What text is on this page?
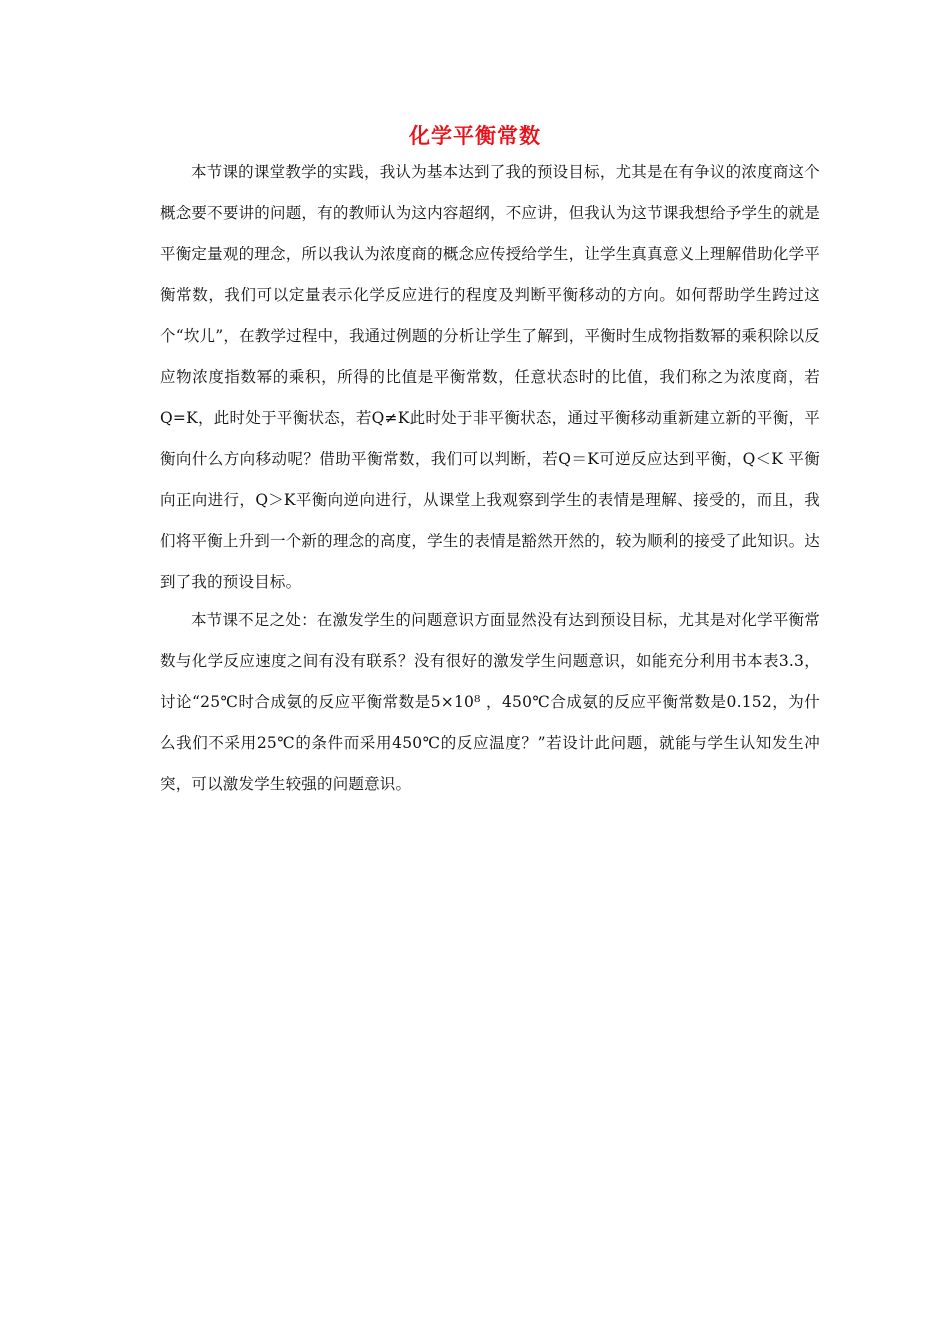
化学平衡常数

本节课的课堂教学的实践，我认为基本达到了我的预设目标，尤其是在有争议的浓度商这个概念要不要讲的问题，有的教师认为这内容超纲，不应讲，但我认为这节课我想给予学生的就是平衡定量观的理念，所以我认为浓度商的概念应传授给学生，让学生真真意义上理解借助化学平衡常数，我们可以定量表示化学反应进行的程度及判断平衡移动的方向。如何帮助学生跨过这个“坎儿”，在教学过程中，我通过例题的分析让学生了解到，平衡时生成物指数幂的乘积除以反应物浓度指数幂的乘积，所得的比值是平衡常数，任意状态时的比值，我们称之为浓度商，若Q=K，此时处于平衡状态，若Q≠K此时处于非平衡状态，通过平衡移动重新建立新的平衡，平衡向什么方向移动呢？借助平衡常数，我们可以判断，若Q＝K可逆反应达到平衡，Q＜K 平衡向正向进行，Q＞K平衡向逆向进行，从课堂上我观察到学生的表情是理解、接受的，而且，我们将平衡上升到一个新的理念的高度，学生的表情是豁然开然的，较为顺利的接受了此知识。达到了我的预设目标。

本节课不足之处：在激发学生的问题意识方面显然没有达到预设目标，尤其是对化学平衡常数与化学反应速度之间有没有联系？没有很好的激发学生问题意识，如能充分利用书本表3.3，讨论“25℃时合成氨的反应平衡常数是5×10⁸ ，450℃合成氨的反应平衡常数是0.152，为什么我们不采用25℃的条件而采用450℃的反应温度？”若设计此问题，就能与学生认知发生冲突，可以激发学生较强的问题意识。
